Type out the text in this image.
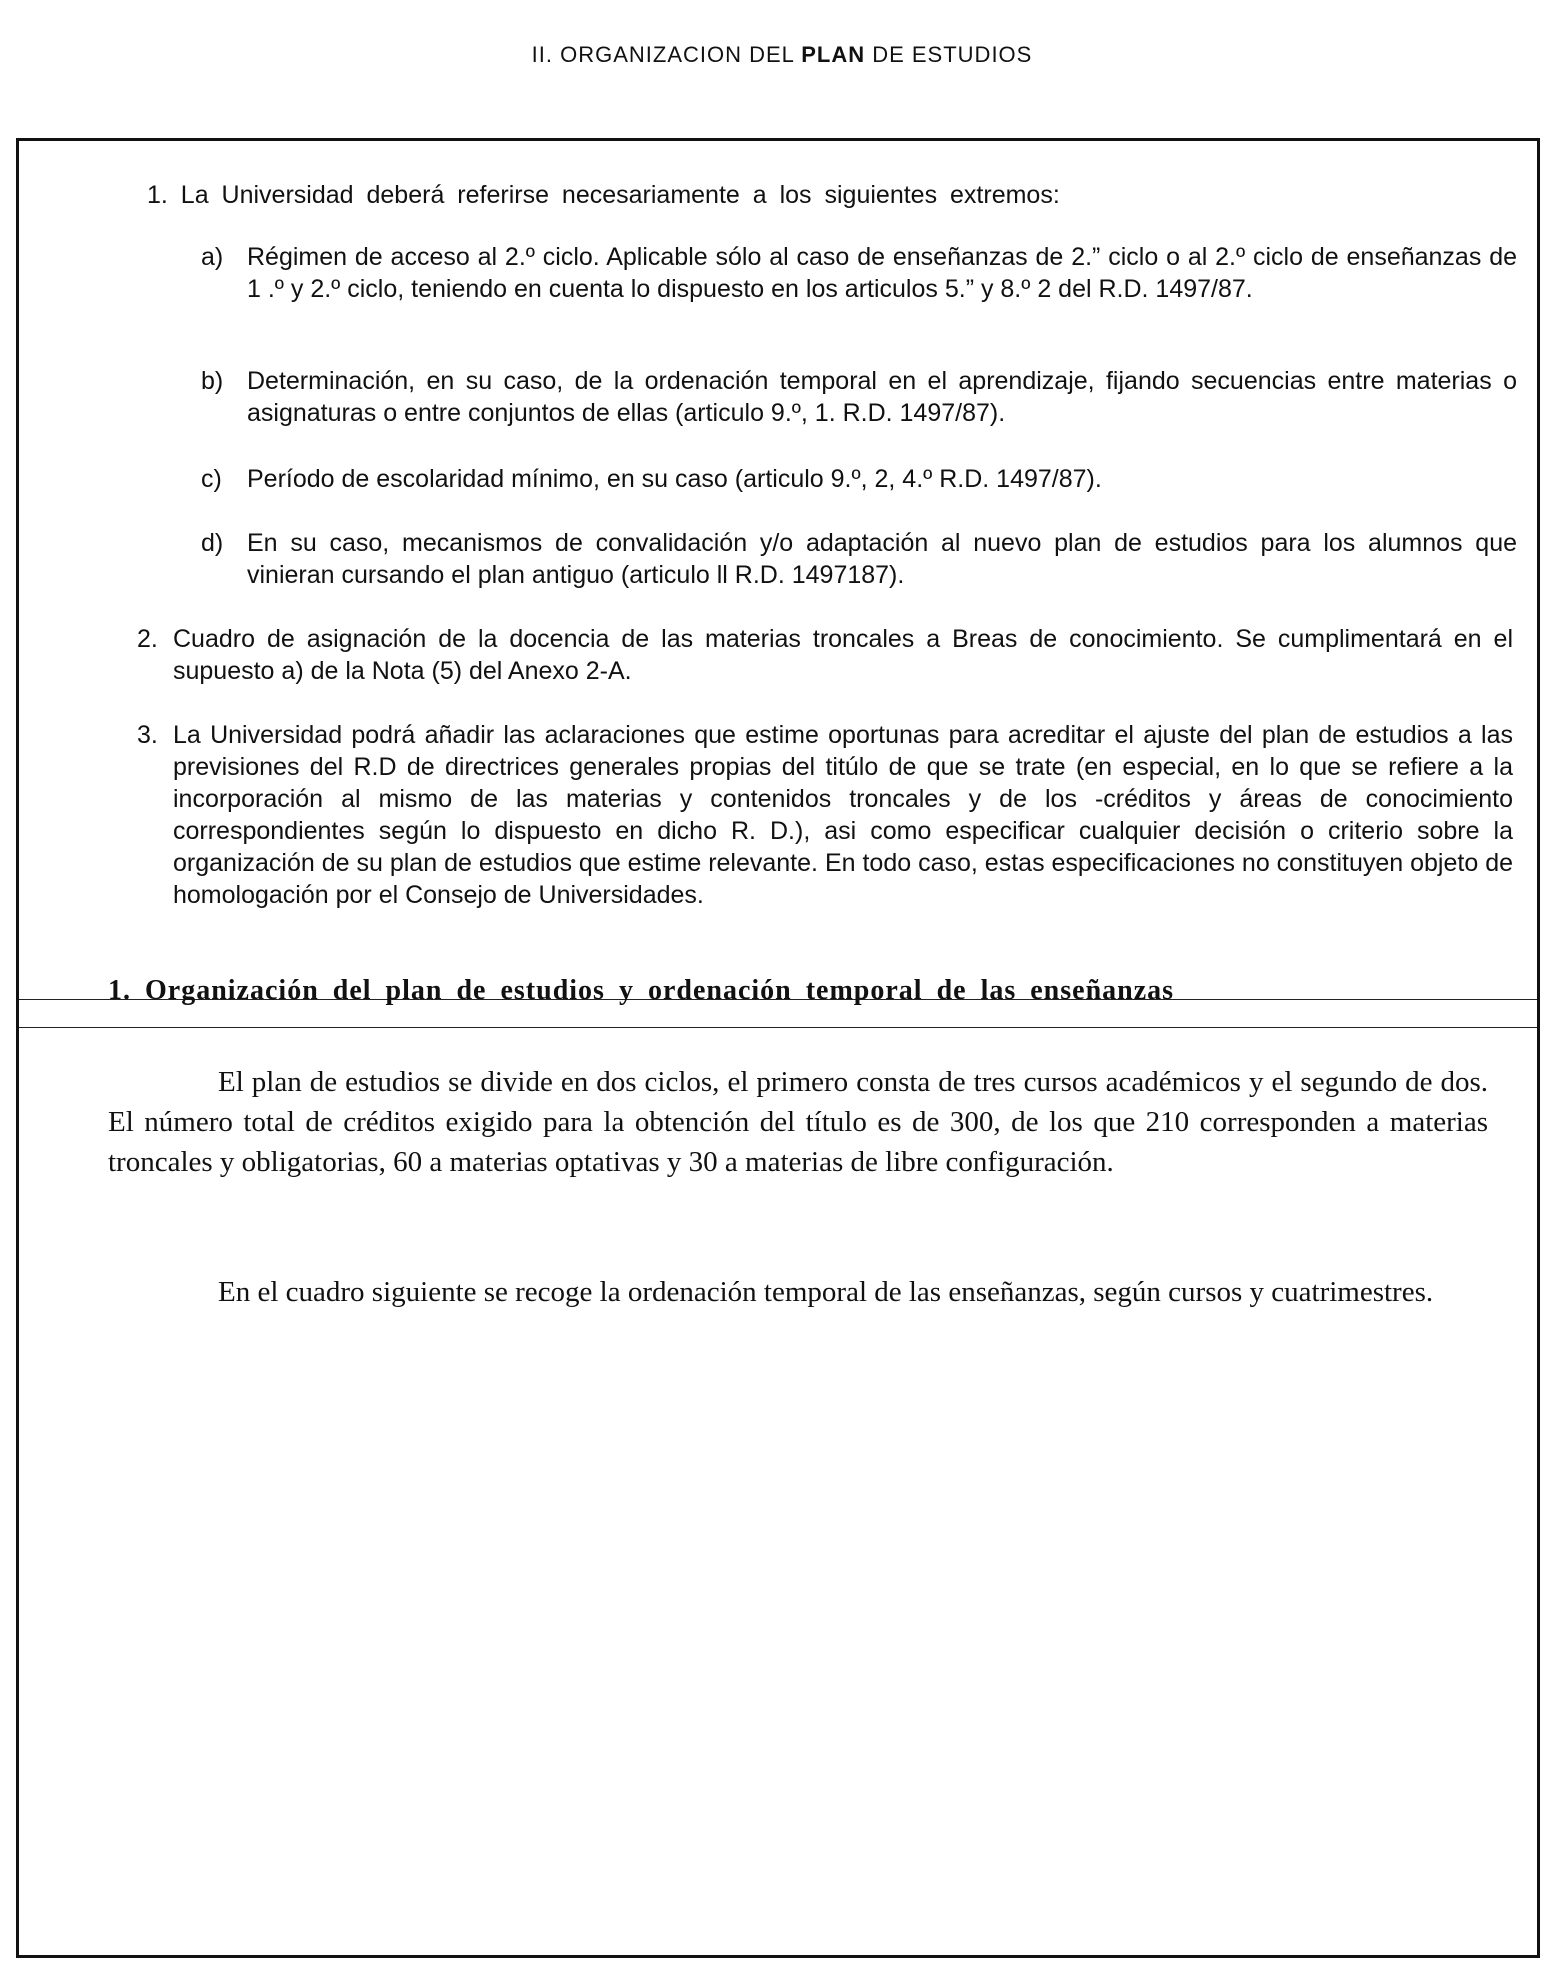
II. ORGANIZACION DEL PLAN DE ESTUDIOS

1. La Universidad deberá referirse necesariamente a los siguientes extremos:

a) Régimen de acceso al 2.º ciclo. Aplicable sólo al caso de enseñanzas de 2.” ciclo o al 2.º ciclo de enseñanzas de 1 .º y 2.º ciclo, teniendo en cuenta lo dispuesto en los articulos 5.” y 8.º 2 del R.D. 1497/87.

b) Determinación, en su caso, de la ordenación temporal en el aprendizaje, fijando secuencias entre materias o asignaturas o entre conjuntos de ellas (articulo 9.º, 1. R.D. 1497/87).

c)	Período de escolaridad mínimo, en su caso (articulo 9.º, 2, 4.º R.D. 1497/87).

d) En su caso, mecanismos de convalidación y/o adaptación al nuevo plan de estudios para los alumnos que vinieran cursando el plan antiguo (articulo ll R.D. 1497187).

2. Cuadro de asignación de la docencia de las materias troncales a Breas de conocimiento. Se cumplimentará en el supuesto a) de la Nota (5) del Anexo 2-A.

3. La Universidad podrá añadir las aclaraciones que estime oportunas para acreditar el ajuste del plan de estudios a las previsiones del R.D de directrices generales propias del titúlo de que se trate (en especial, en lo que se refiere a la incorporación al mismo de las materias y contenidos troncales y de los -créditos y áreas de conocimiento correspondientes según lo dispuesto en dicho R. D.), asi como especificar cualquier decisión o criterio sobre la organización de su plan de estudios que estime relevante. En todo caso, estas especificaciones no constituyen objeto de homologación por el Consejo de Universidades.

1. Organización del plan de estudios y ordenación temporal de las enseñanzas

El plan de estudios se divide en dos ciclos, el primero consta de tres cursos académicos y el segundo de dos. El número total de créditos exigido para la obtención del título es de 300, de los que 210 corresponden a materias troncales y obligatorias, 60 a materias optativas y 30 a materias de libre configuración.

En el cuadro siguiente se recoge la ordenación temporal de las enseñanzas, según cursos y cuatrimestres.
